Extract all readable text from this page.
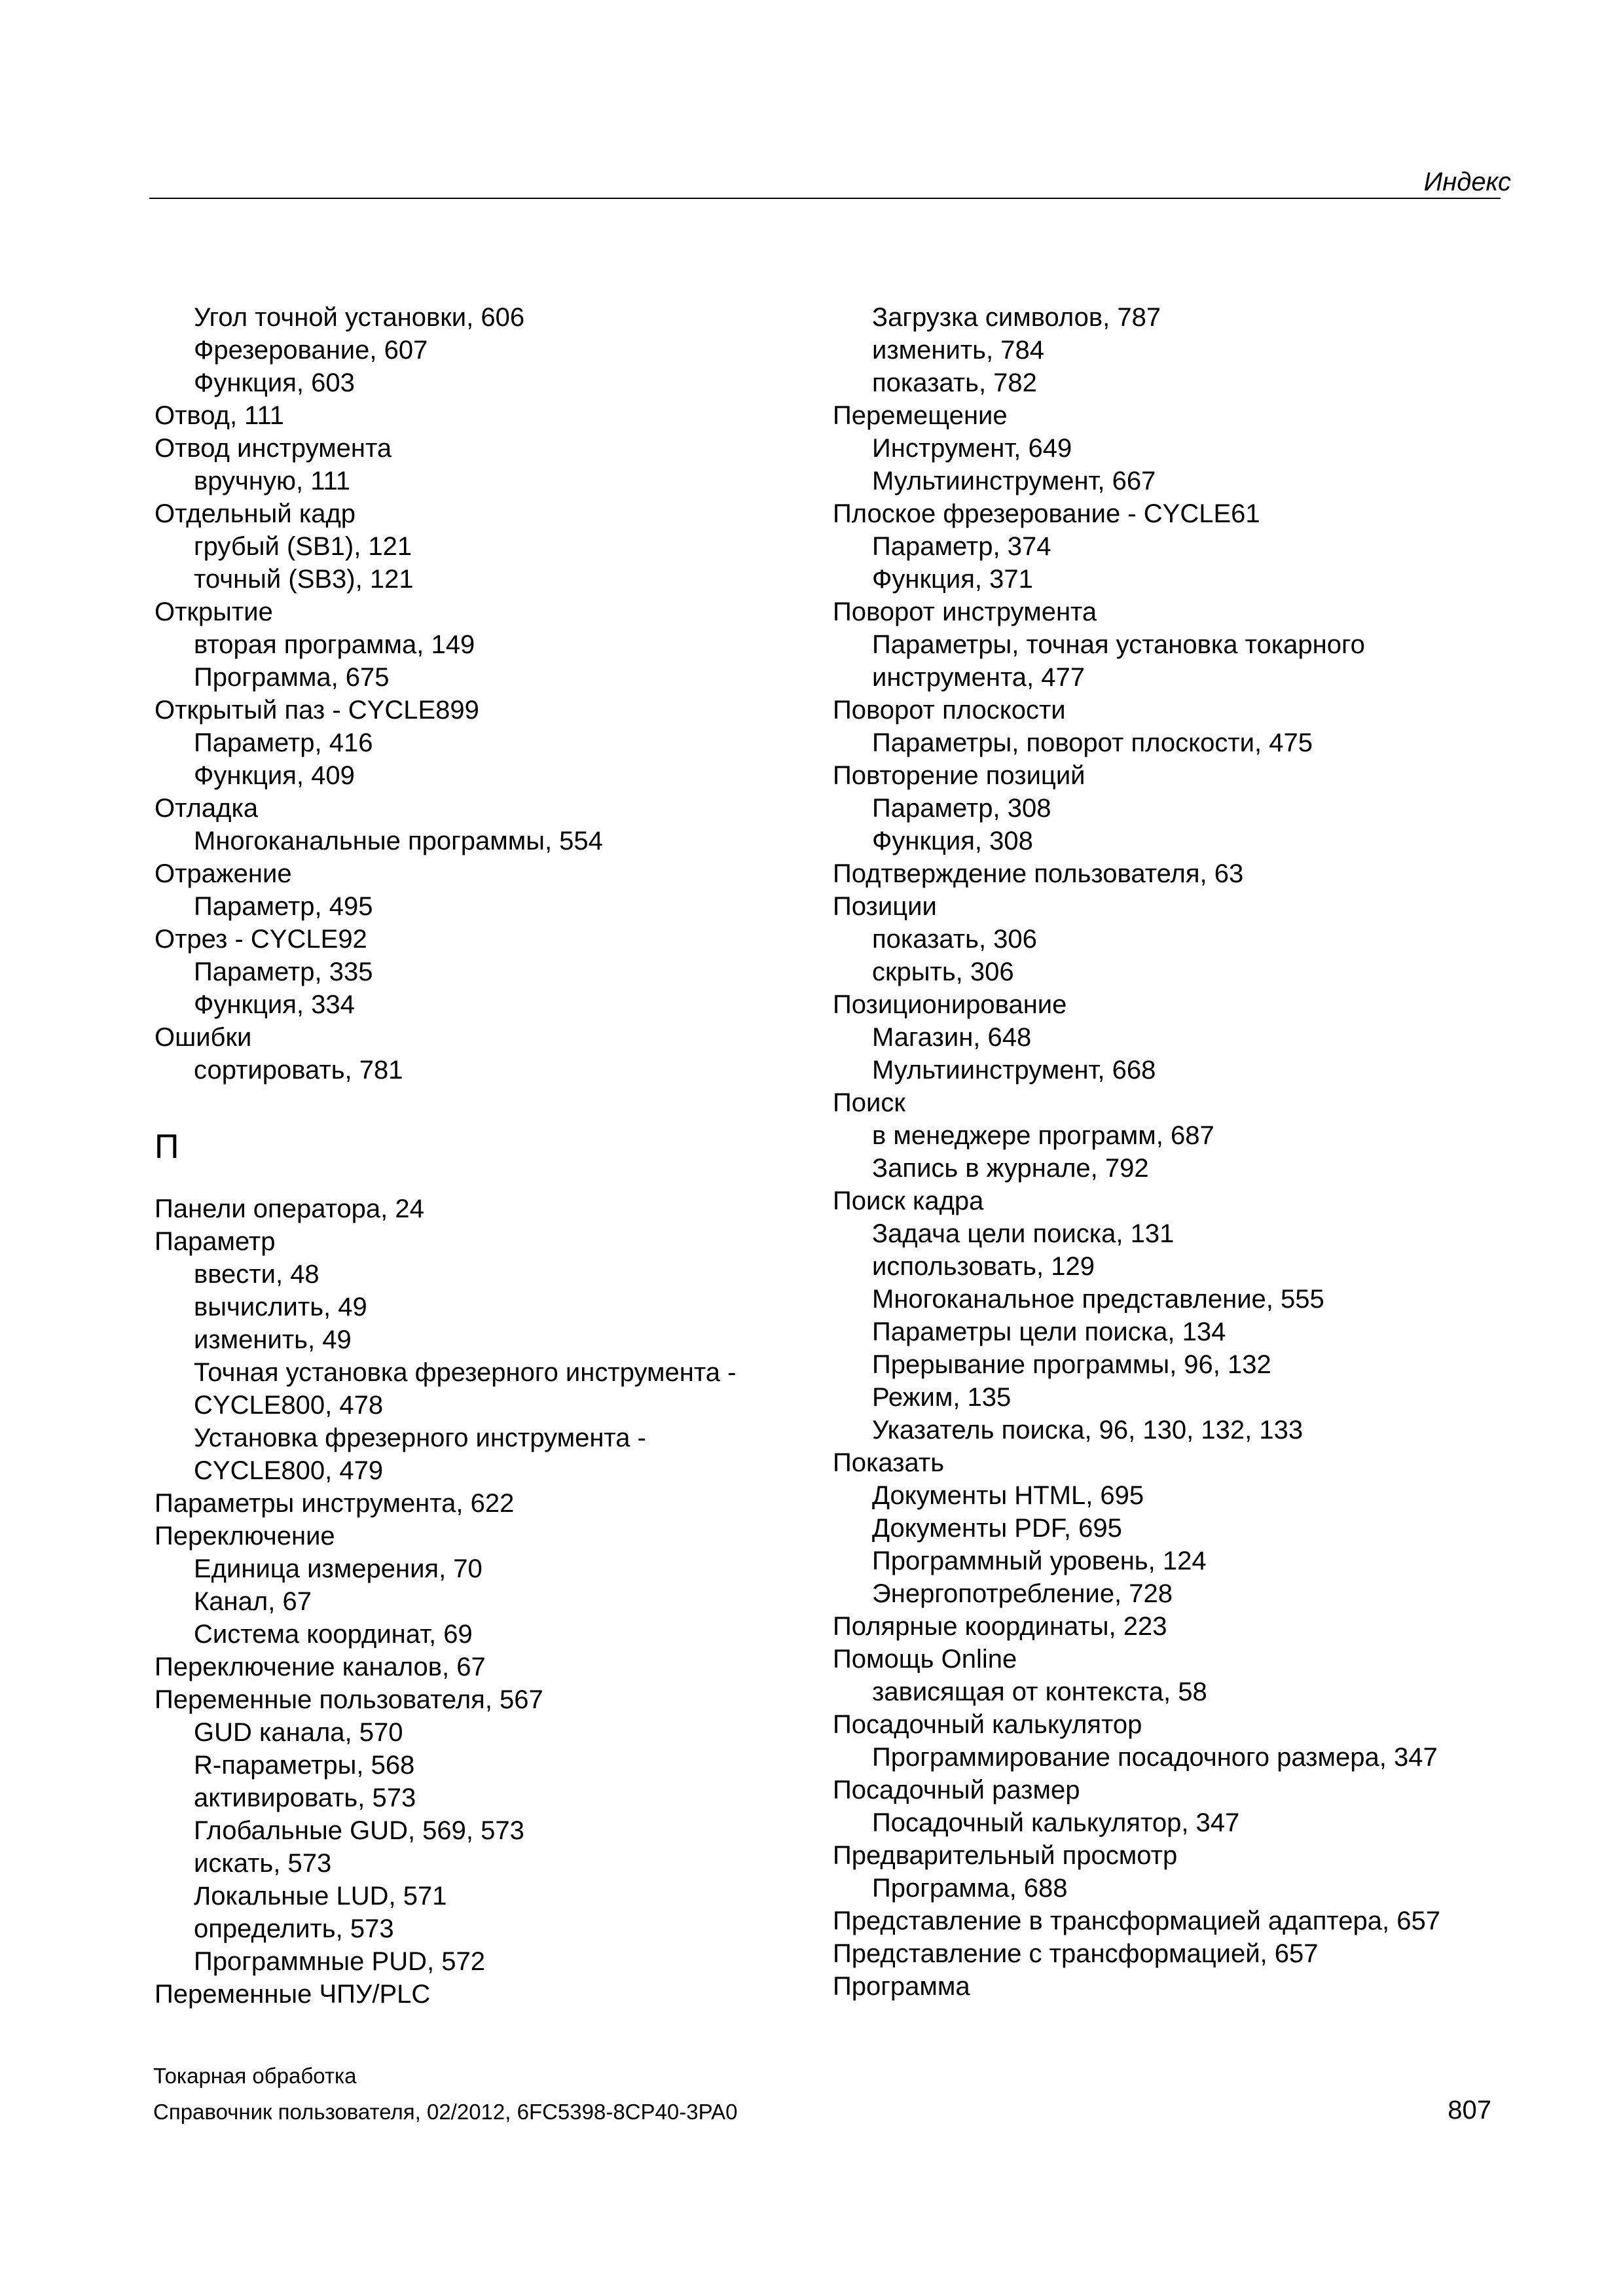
Индекс
Угол точной установки, 606
Фрезерование, 607
Функция, 603
Отвод, 111
Отвод инструмента
вручную, 111
Отдельный кадр
грубый (SB1), 121
точный (SB3), 121
Открытие
вторая программа, 149
Программа, 675
Открытый паз - CYCLE899
Параметр, 416
Функция, 409
Отладка
Многоканальные программы, 554
Отражение
Параметр, 495
Отрез - CYCLE92
Параметр, 335
Функция, 334
Ошибки
сортировать, 781
П
Панели оператора, 24
Параметр
ввести, 48
вычислить, 49
изменить, 49
Точная установка фрезерного инструмента -
CYCLE800, 478
Установка фрезерного инструмента -
CYCLE800, 479
Параметры инструмента, 622
Переключение
Единица измерения, 70
Канал, 67
Система координат, 69
Переключение каналов, 67
Переменные пользователя, 567
GUD канала, 570
R-параметры, 568
активировать, 573
Глобальные GUD, 569, 573
искать, 573
Локальные LUD, 571
определить, 573
Программные PUD, 572
Переменные ЧПУ/PLC
Загрузка символов, 787
изменить, 784
показать, 782
Перемещение
Инструмент, 649
Мультиинструмент, 667
Плоское фрезерование - CYCLE61
Параметр, 374
Функция, 371
Поворот инструмента
Параметры, точная установка токарного
инструмента, 477
Поворот плоскости
Параметры, поворот плоскости, 475
Повторение позиций
Параметр, 308
Функция, 308
Подтверждение пользователя, 63
Позиции
показать, 306
скрыть, 306
Позиционирование
Магазин, 648
Мультиинструмент, 668
Поиск
в менеджере программ, 687
Запись в журнале, 792
Поиск кадра
Задача цели поиска, 131
использовать, 129
Многоканальное представление, 555
Параметры цели поиска, 134
Прерывание программы, 96, 132
Режим, 135
Указатель поиска, 96, 130, 132, 133
Показать
Документы HTML, 695
Документы PDF, 695
Программный уровень, 124
Энергопотребление, 728
Полярные координаты, 223
Помощь Online
зависящая от контекста, 58
Посадочный калькулятор
Программирование посадочного размера, 347
Посадочный размер
Посадочный калькулятор, 347
Предварительный просмотр
Программа, 688
Представление в трансформацией адаптера, 657
Представление с трансформацией, 657
Программа
Токарная обработка
Справочник пользователя, 02/2012, 6FC5398-8CP40-3PA0	807
